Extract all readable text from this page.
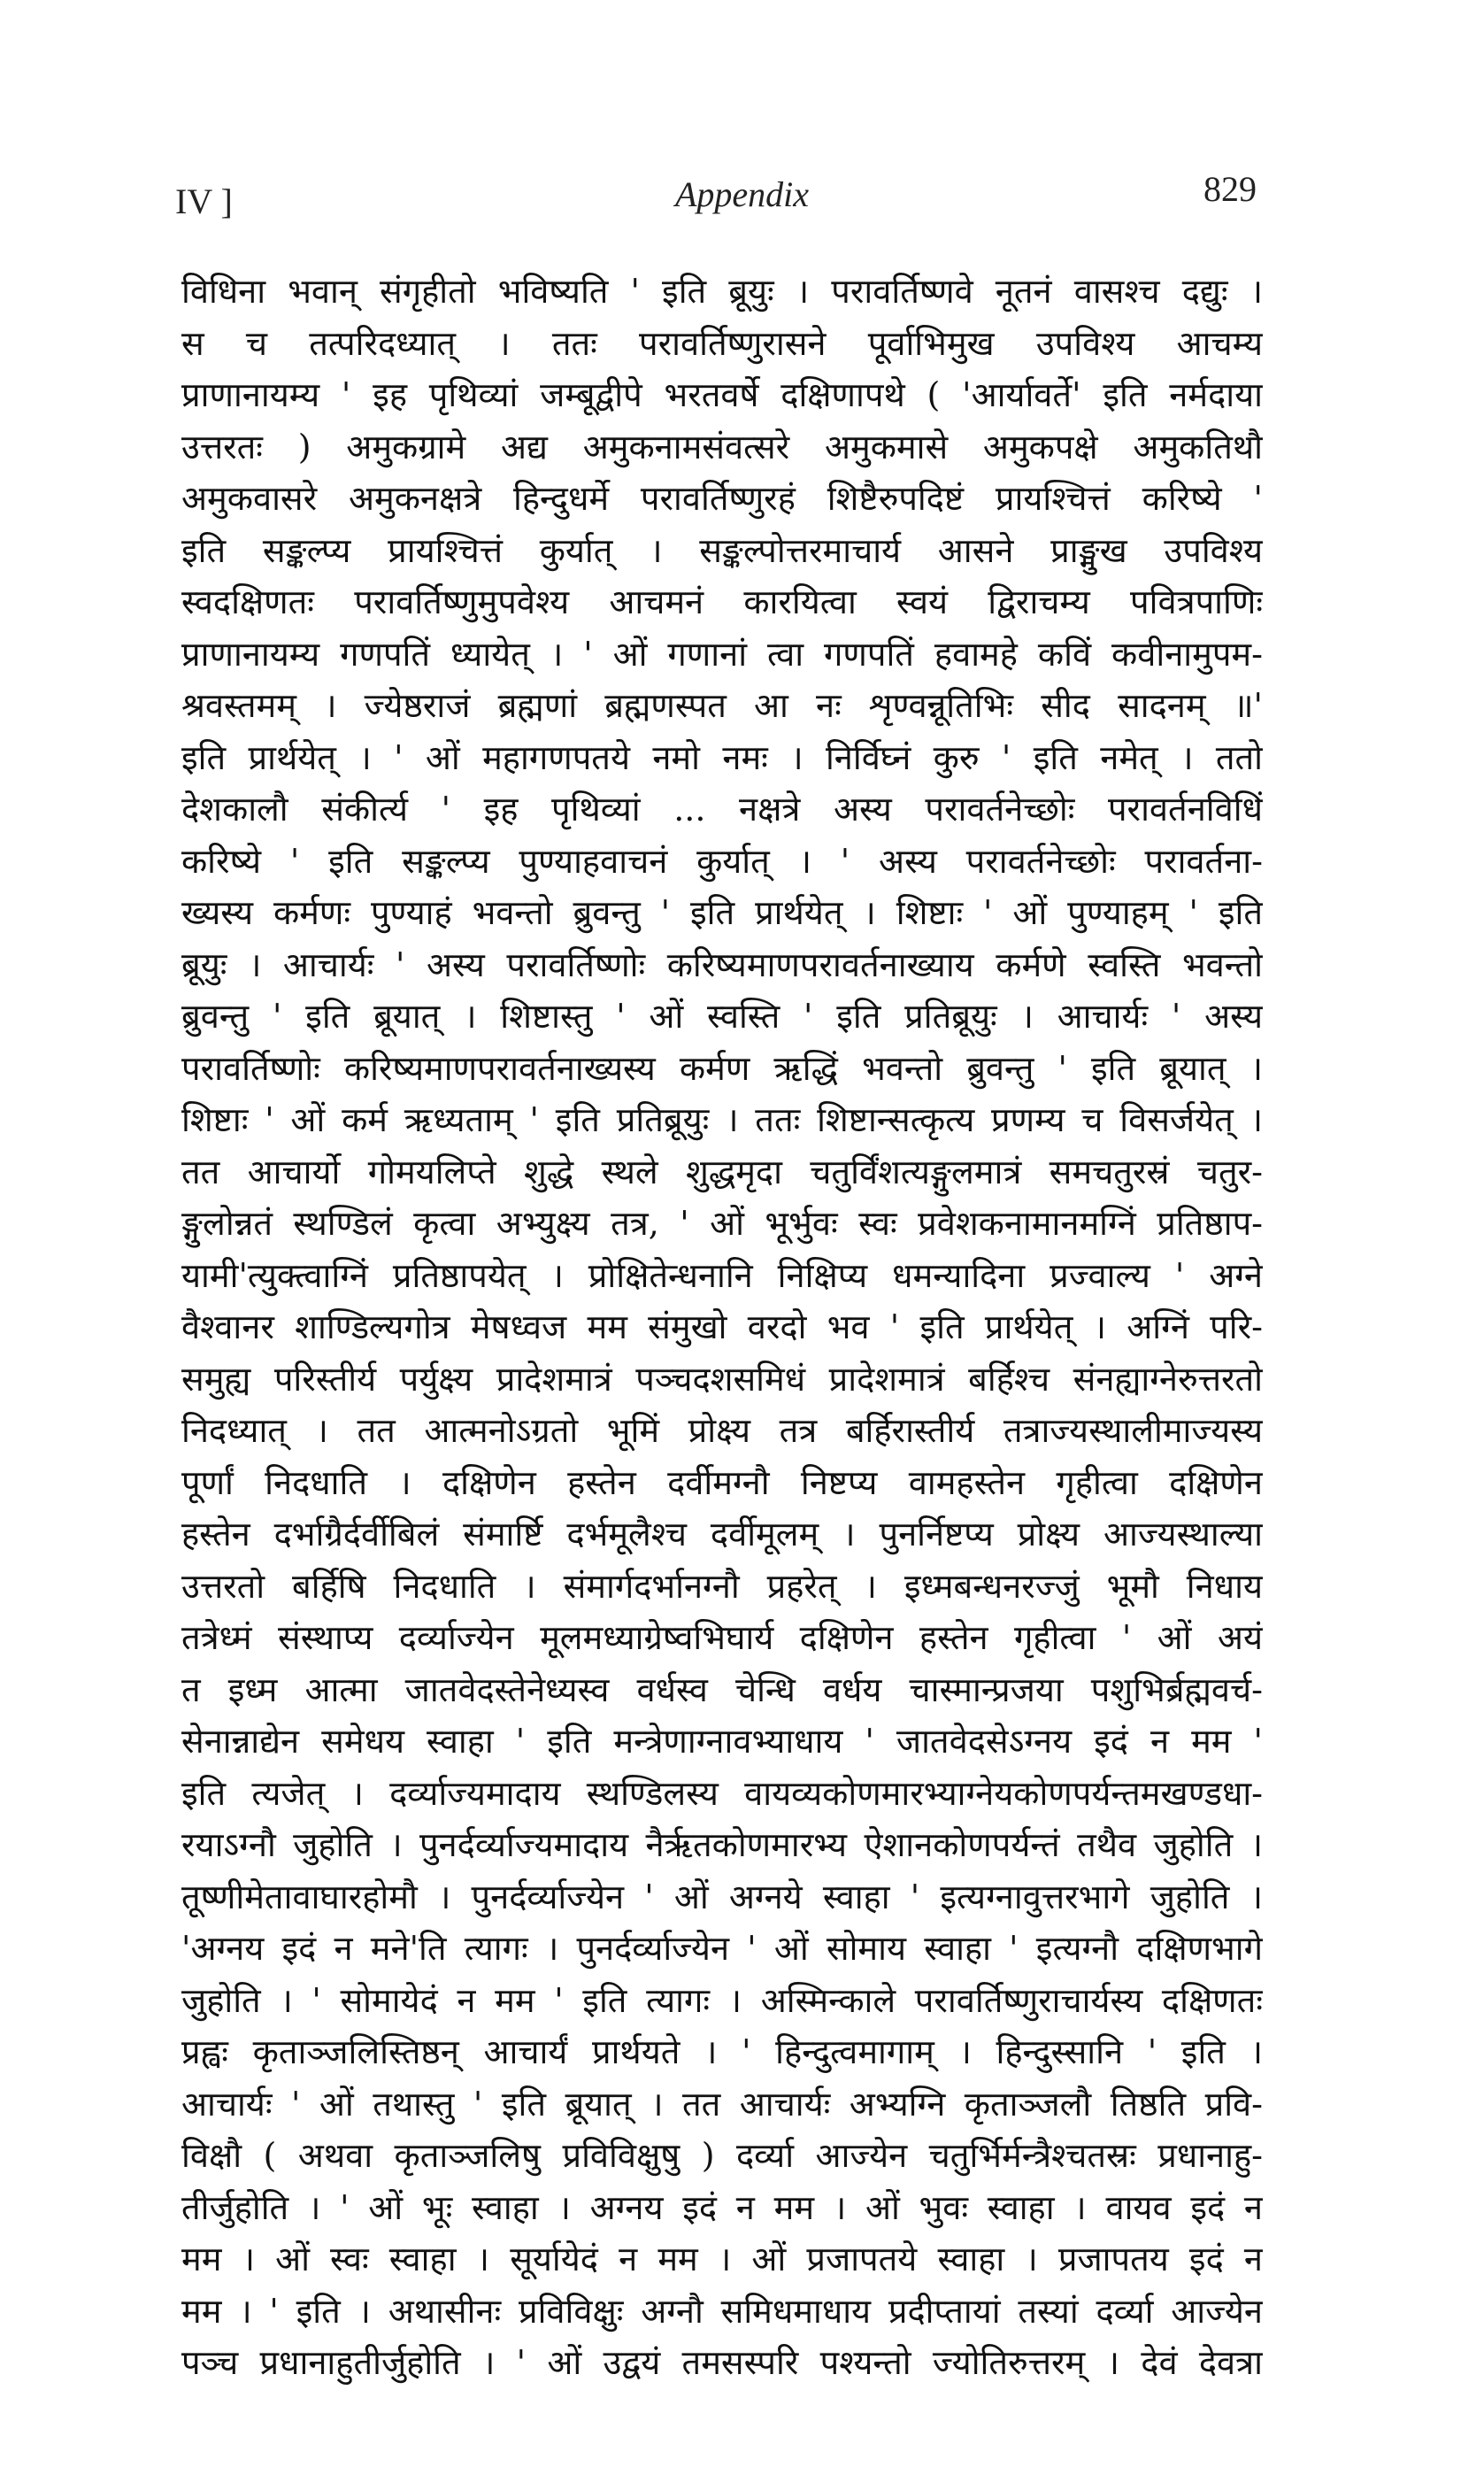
IV ]	Appendix	829
विधिना भवान् संगृहीतो भविष्यति ' इति ब्रूयुः । परावर्तिष्णवे नूतनं वासश्च दद्युः ।
स च तत्परिदध्यात् । ततः परावर्तिष्णुरासने पूर्वाभिमुख उपविश्य आचम्य
प्राणानायम्य ' इह पृथिव्यां जम्बूद्वीपे भरतवर्षे दक्षिणापथे ( 'आर्यावर्ते' इति नर्मदाया
उत्तरतः ) अमुकग्रामे अद्य अमुकनामसंवत्सरे अमुकमासे अमुकपक्षे अमुकतिथौ
अमुकवासरे अमुकनक्षत्रे हिन्दुधर्मे परावर्तिष्णुरहं शिष्टैरुपदिष्टं प्रायश्चित्तं करिष्ये '
इति सङ्कल्प्य प्रायश्चित्तं कुर्यात् । सङ्कल्पोत्तरमाचार्य आसने प्राङ्मुख उपविश्य
स्वदक्षिणतः परावर्तिष्णुमुपवेश्य आचमनं कारयित्वा स्वयं द्विराचम्य पवित्रपाणिः
प्राणानायम्य गणपतिं ध्यायेत् । ' ओं गणानां त्वा गणपतिं हवामहे कविं कवीनामुपम-
श्रवस्तमम् । ज्येष्ठराजं ब्रह्मणां ब्रह्मणस्पत आ नः शृण्वन्नूतिभिः सीद सादनम् ॥'
इति प्रार्थयेत् । ' ओं महागणपतये नमो नमः । निर्विघ्नं कुरु ' इति नमेत् । ततो
देशकालौ संकीर्त्य ' इह पृथिव्यां ... नक्षत्रे अस्य परावर्तनेच्छोः परावर्तनविधिं
करिष्ये ' इति सङ्कल्प्य पुण्याहवाचनं कुर्यात् । ' अस्य परावर्तनेच्छोः परावर्तना-
ख्यस्य कर्मणः पुण्याहं भवन्तो ब्रुवन्तु ' इति प्रार्थयेत् । शिष्टाः ' ओं पुण्याहम् ' इति
ब्रूयुः । आचार्यः ' अस्य परावर्तिष्णोः करिष्यमाणपरावर्तनाख्याय कर्मणे स्वस्ति भवन्तो
ब्रुवन्तु ' इति ब्रूयात् । शिष्टास्तु ' ओं स्वस्ति ' इति प्रतिब्रूयुः । आचार्यः ' अस्य
परावर्तिष्णोः करिष्यमाणपरावर्तनाख्यस्य कर्मण ऋद्धिं भवन्तो ब्रुवन्तु ' इति ब्रूयात् ।
शिष्टाः ' ओं कर्म ऋध्यताम् ' इति प्रतिब्रूयुः । ततः शिष्टान्सत्कृत्य प्रणम्य च विसर्जयेत् ।
तत आचार्यो गोमयलिप्ते शुद्धे स्थले शुद्धमृदा चतुर्विंशत्यङ्गुलमात्रं समचतुरस्रं चतुर-
ङ्गुलोन्नतं स्थण्डिलं कृत्वा अभ्युक्ष्य तत्र, ' ओं भूर्भुवः स्वः प्रवेशकनामानमग्निं प्रतिष्ठाप-
यामी'त्युक्त्वाग्निं प्रतिष्ठापयेत् । प्रोक्षितेन्धनानि निक्षिप्य धमन्यादिना प्रज्वाल्य ' अग्ने
वैश्वानर शाण्डिल्यगोत्र मेषध्वज मम संमुखो वरदो भव ' इति प्रार्थयेत् । अग्निं परि-
समुह्य परिस्तीर्य पर्युक्ष्य प्रादेशमात्रं पञ्चदशसमिधं प्रादेशमात्रं बर्हिश्च संनह्याग्नेरुत्तरतो
निदध्यात् । तत आत्मनोऽग्रतो भूमिं प्रोक्ष्य तत्र बर्हिरास्तीर्य तत्राज्यस्थालीमाज्यस्य
पूर्णां निदधाति । दक्षिणेन हस्तेन दर्वीमग्नौ निष्टप्य वामहस्तेन गृहीत्वा दक्षिणेन
हस्तेन दर्भाग्रैर्दर्वीबिलं संमार्ष्टि दर्भमूलैश्च दर्वीमूलम् । पुनर्निष्टप्य प्रोक्ष्य आज्यस्थाल्या
उत्तरतो बर्हिषि निदधाति । संमार्गदर्भानग्नौ प्रहरेत् । इध्मबन्धनरज्जुं भूमौ निधाय
तत्रेध्मं संस्थाप्य दर्व्याज्येन मूलमध्याग्रेष्वभिघार्य दक्षिणेन हस्तेन गृहीत्वा ' ओं अयं
त इध्म आत्मा जातवेदस्तेनेध्यस्व वर्धस्व चेन्धि वर्धय चास्मान्प्रजया पशुभिर्ब्रह्मवर्च-
सेनान्नाद्येन समेधय स्वाहा ' इति मन्त्रेणाग्नावभ्याधाय ' जातवेदसेऽग्नय इदं न मम '
इति त्यजेत् । दर्व्याज्यमादाय स्थण्डिलस्य वायव्यकोणमारभ्याग्नेयकोणपर्यन्तमखण्डधा-
रयाऽग्नौ जुहोति । पुनर्दर्व्याज्यमादाय नैर्ऋतकोणमारभ्य ऐशानकोणपर्यन्तं तथैव जुहोति ।
तूष्णीमेतावाघारहोमौ । पुनर्दर्व्याज्येन ' ओं अग्नये स्वाहा ' इत्यग्नावुत्तरभागे जुहोति ।
'अग्नय इदं न मने'ति त्यागः । पुनर्दर्व्याज्येन ' ओं सोमाय स्वाहा ' इत्यग्नौ दक्षिणभागे
जुहोति । ' सोमायेदं न मम ' इति त्यागः । अस्मिन्काले परावर्तिष्णुराचार्यस्य दक्षिणतः
प्रह्वः कृताञ्जलिस्तिष्ठन् आचार्यं प्रार्थयते । ' हिन्दुत्वमागाम् । हिन्दुस्सानि ' इति ।
आचार्यः ' ओं तथास्तु ' इति ब्रूयात् । तत आचार्यः अभ्यग्नि कृताञ्जलौ तिष्ठति प्रवि-
विक्षौ ( अथवा कृताञ्जलिषु प्रविविक्षुषु ) दर्व्या आज्येन चतुर्भिर्मन्त्रैश्चतस्रः प्रधानाहु-
तीर्जुहोति । ' ओं भूः स्वाहा । अग्नय इदं न मम । ओं भुवः स्वाहा । वायव इदं न
मम । ओं स्वः स्वाहा । सूर्यायेदं न मम । ओं प्रजापतये स्वाहा । प्रजापतय इदं न
मम । ' इति । अथासीनः प्रविविक्षुः अग्नौ समिधमाधाय प्रदीप्तायां तस्यां दर्व्या आज्येन
पञ्च प्रधानाहुतीर्जुहोति । ' ओं उद्वयं तमसस्परि पश्यन्तो ज्योतिरुत्तरम् । देवं देवत्रा
